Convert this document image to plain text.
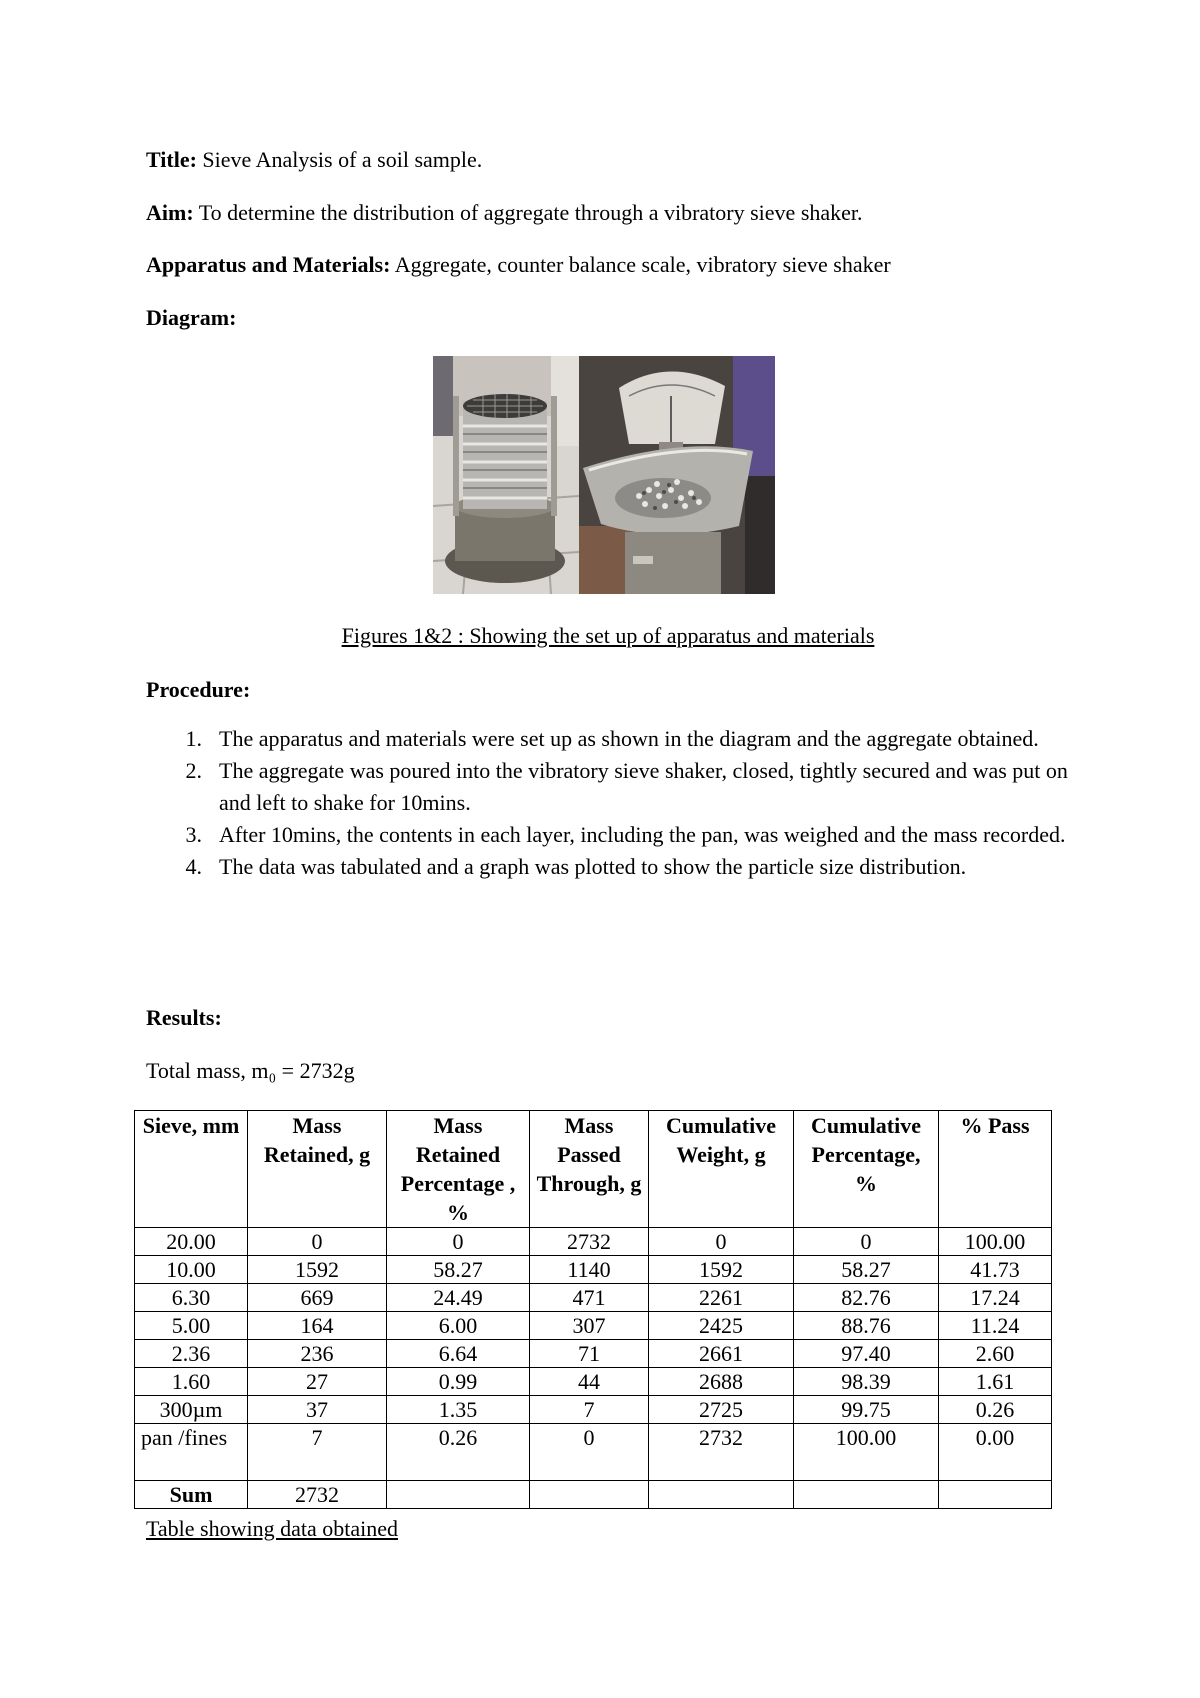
Title: Sieve Analysis of a soil sample.
Aim: To determine the distribution of aggregate through a vibratory sieve shaker.
Apparatus and Materials: Aggregate, counter balance scale, vibratory sieve shaker
Diagram:
Figures 1&2 : Showing the set up of apparatus and materials
Procedure:
1. The apparatus and materials were set up as shown in the diagram and the aggregate obtained.
2. The aggregate was poured into the vibratory sieve shaker, closed, tightly secured and was put on and left to shake for 10mins.
3. After 10mins, the contents in each layer, including the pan, was weighed and the mass recorded.
4. The data was tabulated and a graph was plotted to show the particle size distribution.
Results:
Total mass, m₀ = 2732g
Sieve, mm	Mass Retained, g	Mass Retained Percentage , %	Mass Passed Through, g	Cumulative Weight, g	Cumulative Percentage, %	% Pass
20.00	0	0	2732	0	0	100.00
10.00	1592	58.27	1140	1592	58.27	41.73
6.30	669	24.49	471	2261	82.76	17.24
5.00	164	6.00	307	2425	88.76	11.24
2.36	236	6.64	71	2661	97.40	2.60
1.60	27	0.99	44	2688	98.39	1.61
300µm	37	1.35	7	2725	99.75	0.26
pan /fines	7	0.26	0	2732	100.00	0.00
Sum	2732					
Table showing data obtained
